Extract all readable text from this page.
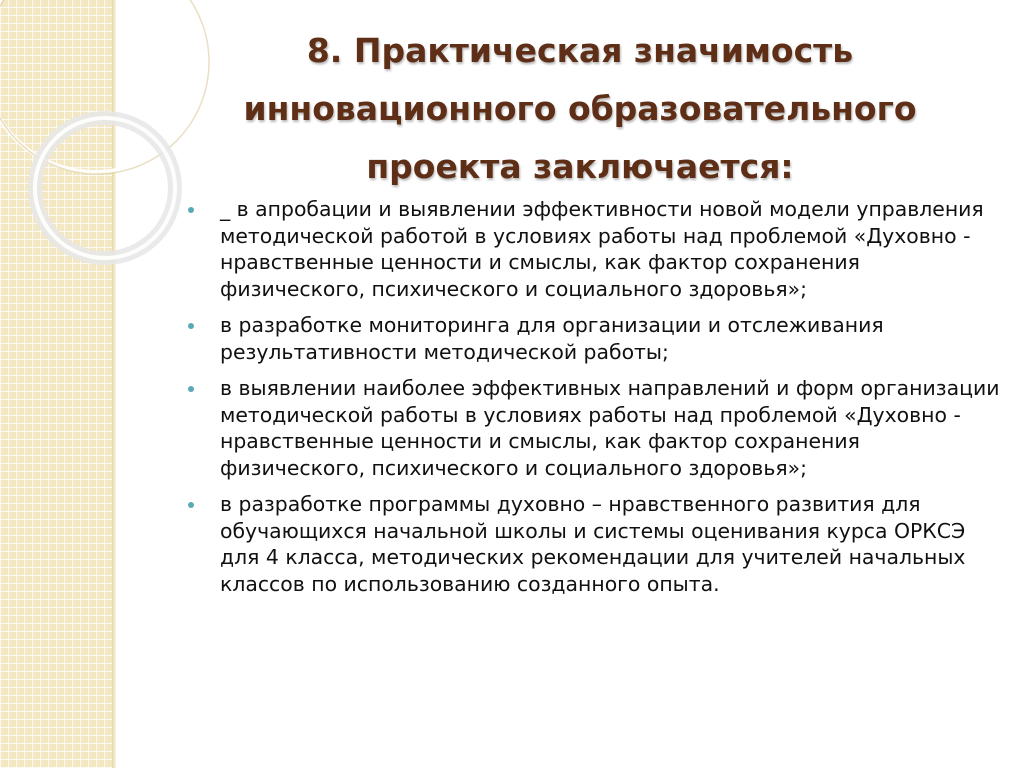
8. Практическая значимость инновационного образовательного проекта заключается:
_ в апробации и выявлении эффективности новой модели управления методической работой в условиях работы над проблемой «Духовно - нравственные ценности и смыслы, как фактор сохранения физического, психического и социального здоровья»;
в разработке мониторинга для организации и отслеживания результативности методической работы;
в выявлении наиболее эффективных направлений и форм организации методической работы в условиях работы над проблемой «Духовно - нравственные ценности и смыслы, как фактор сохранения физического, психического и социального здоровья»;
в разработке программы духовно – нравственного развития для обучающихся начальной школы и системы оценивания курса ОРКСЭ для 4 класса, методических рекомендации для учителей начальных классов по использованию созданного опыта.
